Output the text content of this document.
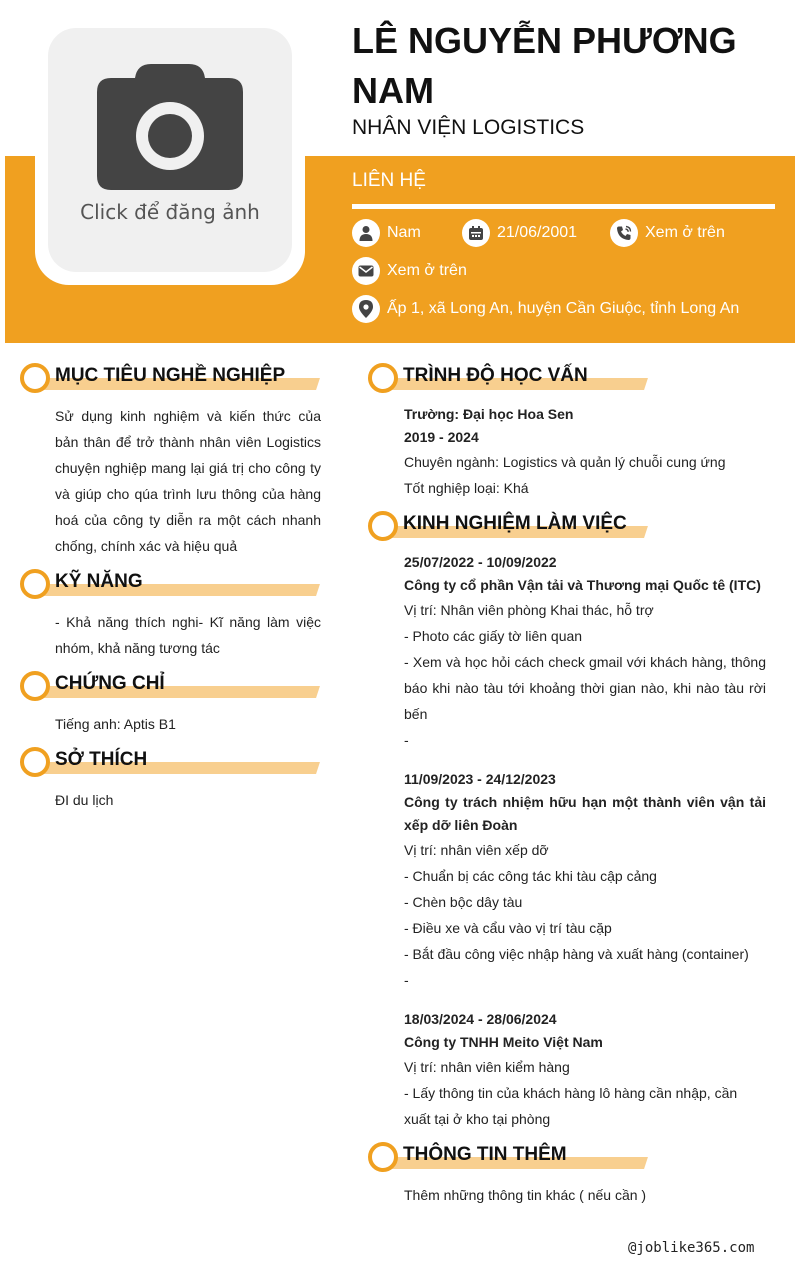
Click để đăng ảnh
LÊ NGUYỄN PHƯƠNG NAM
NHÂN VIỆN LOGISTICS
LIÊN HỆ
Nam	21/06/2001	Xem ở trên
Xem ở trên
Ấp 1, xã Long An, huyện Cần Giuộc, tỉnh Long An
MỤC TIÊU NGHỀ NGHIỆP
Sử dụng kinh nghiệm và kiến thức của bản thân để trở thành nhân viên Logistics chuyện nghiệp mang lại giá trị cho công ty và giúp cho qúa trình lưu thông của hàng hoá của công ty diễn ra một cách nhanh chống, chính xác và hiệu quả
KỸ NĂNG
- Khả năng thích nghi- Kĩ năng làm việc nhóm, khả năng tương tác
CHỨNG CHỈ
Tiếng anh: Aptis B1
SỞ THÍCH
ĐI du lịch
TRÌNH ĐỘ HỌC VẤN
Trường: Đại học Hoa Sen
2019 - 2024
Chuyên ngành: Logistics và quản lý chuỗi cung ứng
Tốt nghiệp loại: Khá
KINH NGHIỆM LÀM VIỆC
25/07/2022 - 10/09/2022
Công ty cổ phần Vận tải và Thương mại Quốc tê (ITC)
Vị trí: Nhân viên phòng Khai thác, hỗ trợ
- Photo các giấy tờ liên quan
- Xem và học hỏi cách check gmail với khách hàng, thông báo khi nào tàu tới khoảng thời gian nào, khi nào tàu rời bến
-
11/09/2023 - 24/12/2023
Công ty trách nhiệm hữu hạn một thành viên vận tải xếp dỡ liên Đoàn
Vị trí: nhân viên xếp dỡ
- Chuẩn bị các công tác khi tàu cập cảng
- Chèn bộc dây tàu
- Điều xe và cẩu vào vị trí tàu cặp
- Bắt đầu công việc nhập hàng và xuất hàng (container)
-
18/03/2024 - 28/06/2024
Công ty TNHH Meito Việt Nam
Vị trí: nhân viên kiểm hàng
- Lấy thông tin của khách hàng lô hàng cần nhập, cần xuất tại ở kho tại phòng
THÔNG TIN THÊM
Thêm những thông tin khác ( nếu cần )
@joblike365.com
